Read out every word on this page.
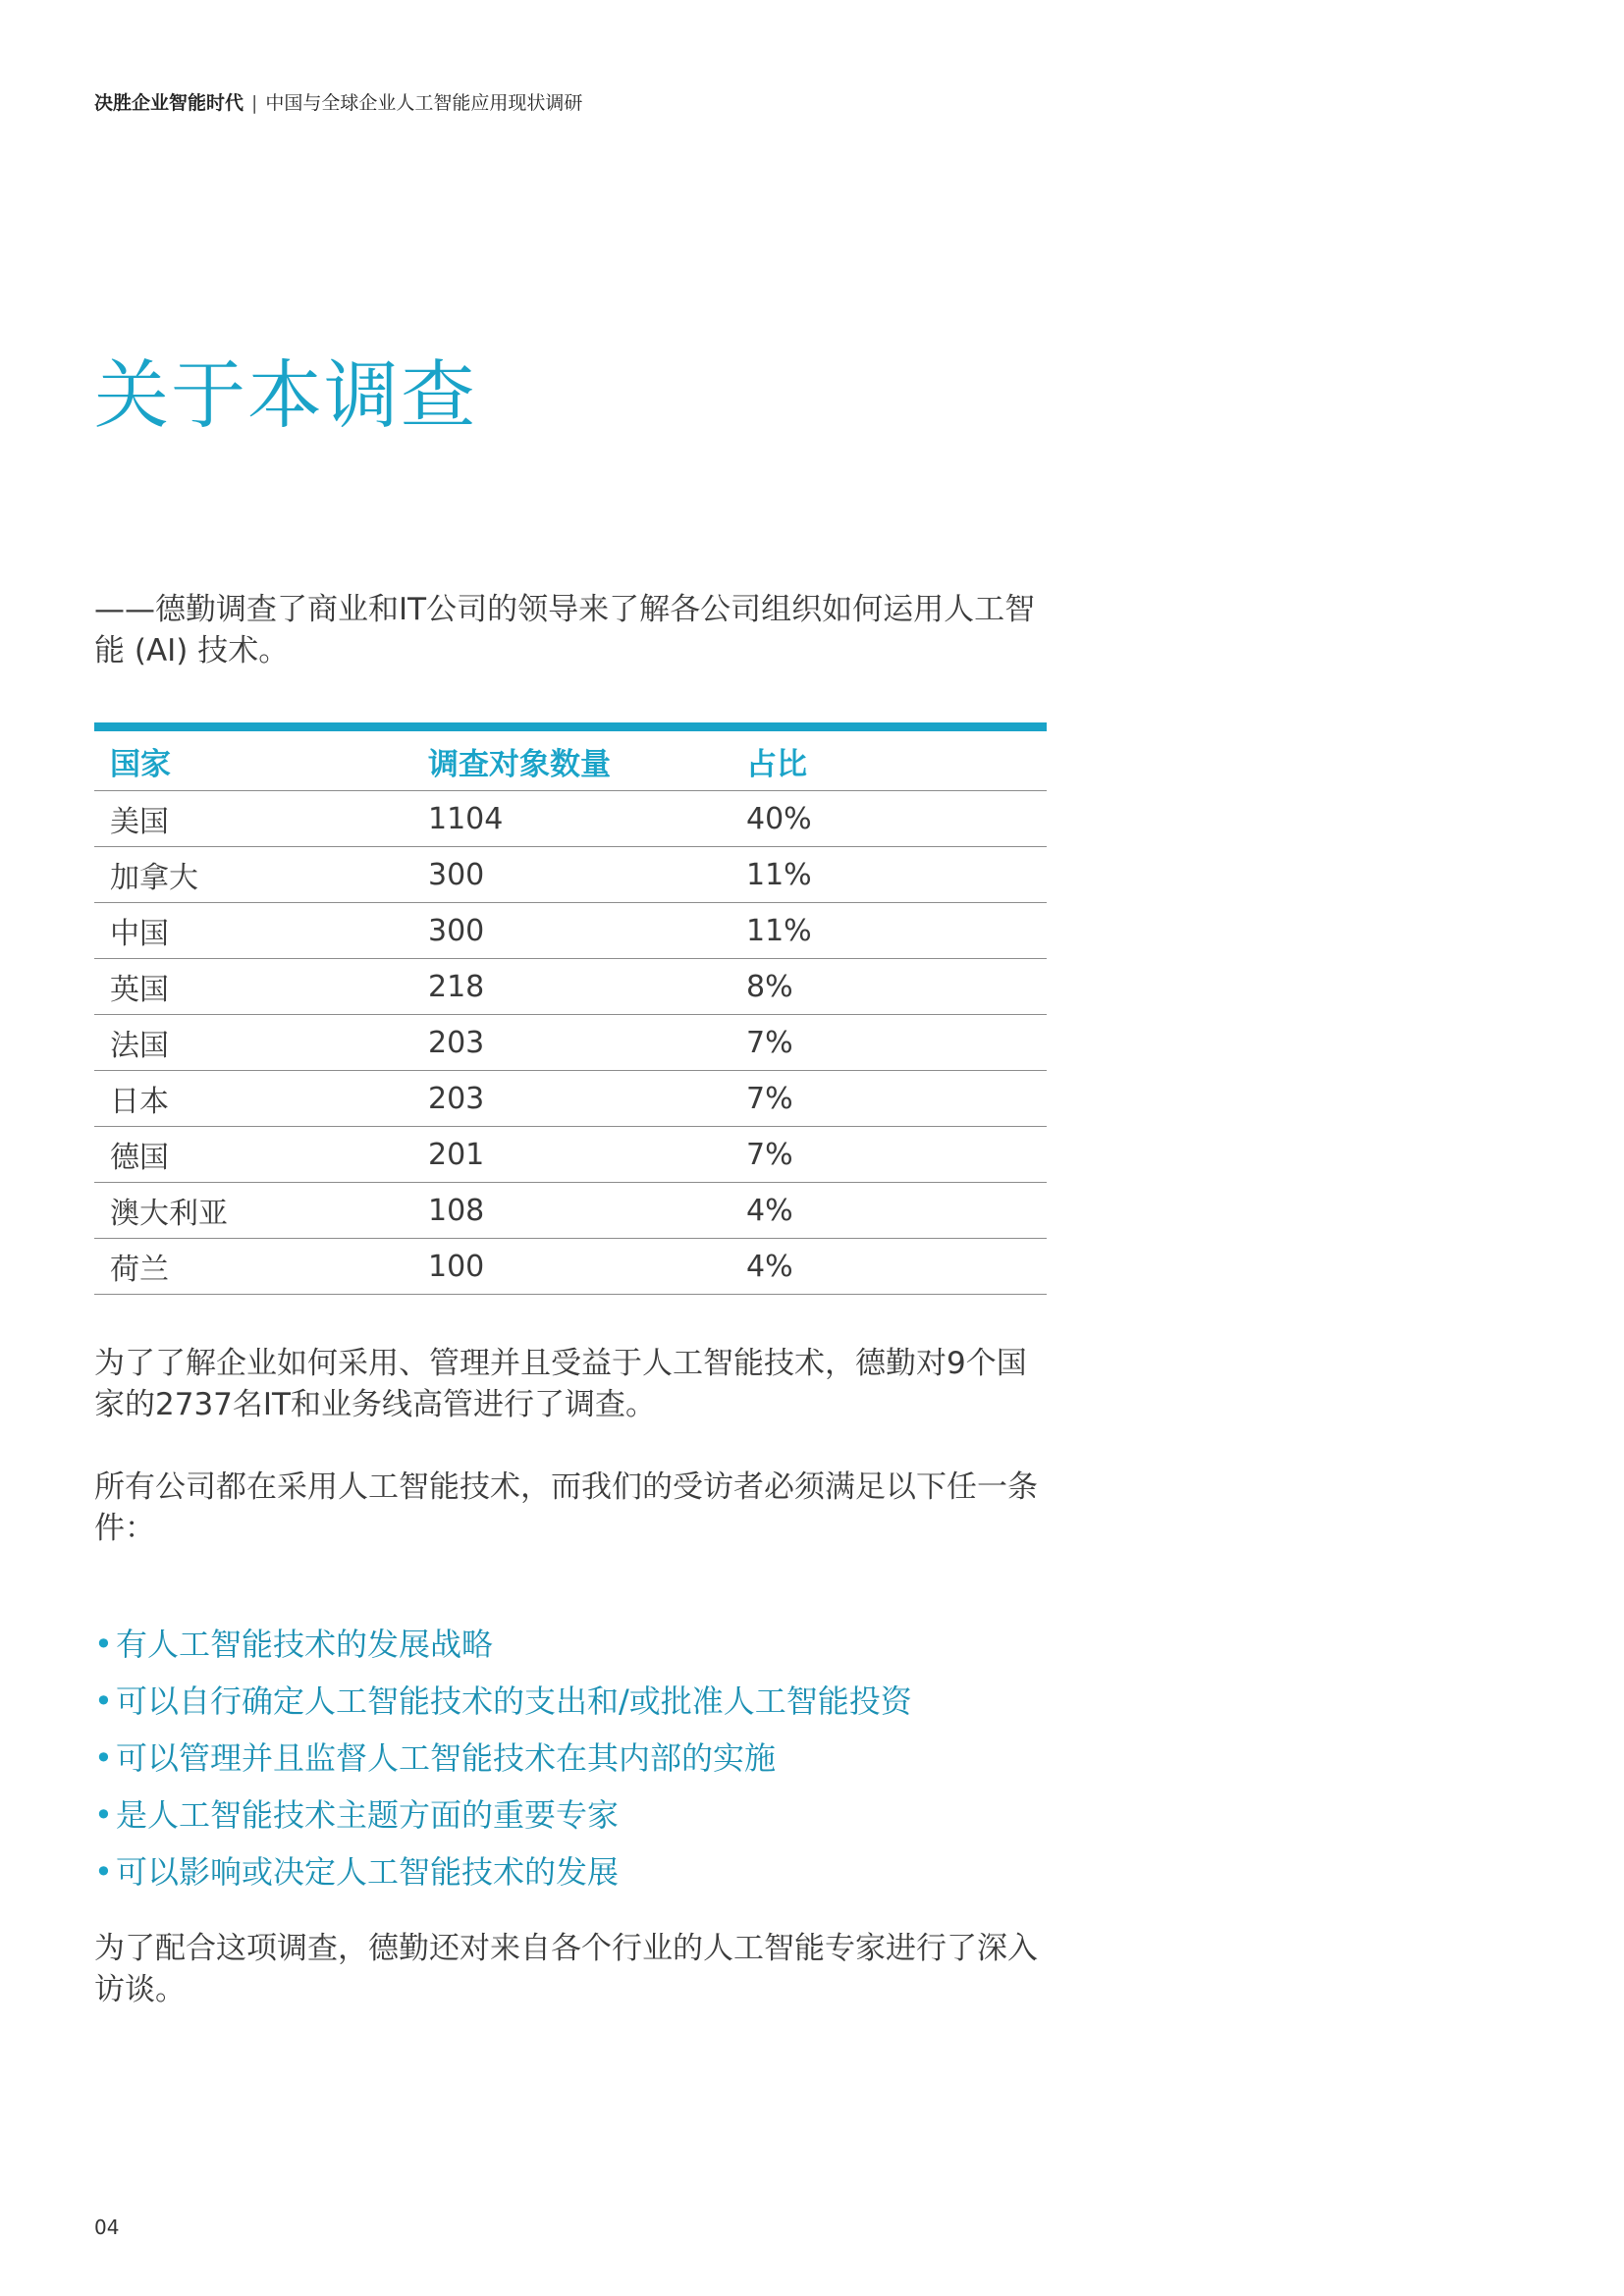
决胜企业智能时代 | 中国与全球企业人工智能应用现状调研
关于本调查

——德勤调查了商业和IT公司的领导来了解各公司组织如何运用人工智能 (AI) 技术。

国家	调查对象数量	占比
美国	1104	40%
加拿大	300	11%
中国	300	11%
英国	218	8%
法国	203	7%
日本	203	7%
德国	201	7%
澳大利亚	108	4%
荷兰	100	4%

为了了解企业如何采用、管理并且受益于人工智能技术，德勤对9个国家的2737名IT和业务线高管进行了调查。

所有公司都在采用人工智能技术，而我们的受访者必须满足以下任一条件：

•有人工智能技术的发展战略
•可以自行确定人工智能技术的支出和/或批准人工智能投资
•可以管理并且监督人工智能技术在其内部的实施
•是人工智能技术主题方面的重要专家
•可以影响或决定人工智能技术的发展

为了配合这项调查，德勤还对来自各个行业的人工智能专家进行了深入访谈。

04
